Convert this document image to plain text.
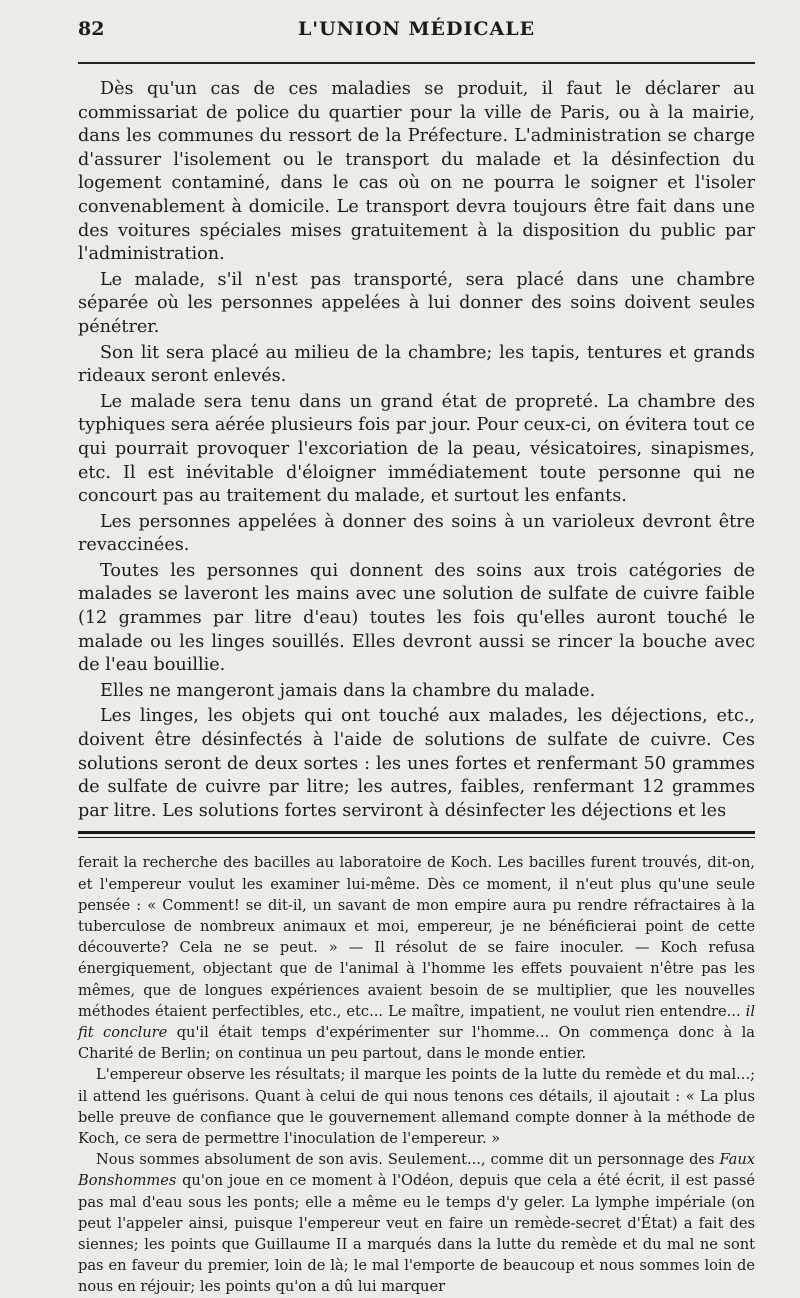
82	L'UNION MÉDICALE

Dès qu'un cas de ces maladies se produit, il faut le déclarer au commissariat de police du quartier pour la ville de Paris, ou à la mairie, dans les communes du ressort de la Préfecture. L'administration se charge d'assurer l'isolement ou le transport du malade et la désinfection du logement contaminé, dans le cas où on ne pourra le soigner et l'isoler convenablement à domicile. Le transport devra toujours être fait dans une des voitures spéciales mises gratuitement à la disposition du public par l'administration.

Le malade, s'il n'est pas transporté, sera placé dans une chambre séparée où les personnes appelées à lui donner des soins doivent seules pénétrer.

Son lit sera placé au milieu de la chambre; les tapis, tentures et grands rideaux seront enlevés.

Le malade sera tenu dans un grand état de propreté. La chambre des typhiques sera aérée plusieurs fois par jour. Pour ceux-ci, on évitera tout ce qui pourrait provoquer l'excoriation de la peau, vésicatoires, sinapismes, etc. Il est inévitable d'éloigner immédiatement toute personne qui ne concourt pas au traitement du malade, et surtout les enfants.

Les personnes appelées à donner des soins à un varioleux devront être revaccinées.

Toutes les personnes qui donnent des soins aux trois catégories de malades se laveront les mains avec une solution de sulfate de cuivre faible (12 grammes par litre d'eau) toutes les fois qu'elles auront touché le malade ou les linges souillés. Elles devront aussi se rincer la bouche avec de l'eau bouillie.

Elles ne mangeront jamais dans la chambre du malade.

Les linges, les objets qui ont touché aux malades, les déjections, etc., doivent être désinfectés à l'aide de solutions de sulfate de cuivre. Ces solutions seront de deux sortes : les unes fortes et renfermant 50 grammes de sulfate de cuivre par litre; les autres, faibles, renfermant 12 grammes par litre. Les solutions fortes serviront à désinfecter les déjections et les

ferait la recherche des bacilles au laboratoire de Koch. Les bacilles furent trouvés, dit-on, et l'empereur voulut les examiner lui-même. Dès ce moment, il n'eut plus qu'une seule pensée : « Comment! se dit-il, un savant de mon empire aura pu rendre réfractaires à la tuberculose de nombreux animaux et moi, empereur, je ne bénéficierai point de cette découverte? Cela ne se peut. » — Il résolut de se faire inoculer. — Koch refusa énergiquement, objectant que de l'animal à l'homme les effets pouvaient n'être pas les mêmes, que de longues expériences avaient besoin de se multiplier, que les nouvelles méthodes étaient perfectibles, etc., etc... Le maître, impatient, ne voulut rien entendre... il fit conclure qu'il était temps d'expérimenter sur l'homme... On commença donc à la Charité de Berlin; on continua un peu partout, dans le monde entier.

L'empereur observe les résultats; il marque les points de la lutte du remède et du mal...; il attend les guérisons. Quant à celui de qui nous tenons ces détails, il ajoutait : « La plus belle preuve de confiance que le gouvernement allemand compte donner à la méthode de Koch, ce sera de permettre l'inoculation de l'empereur. »

Nous sommes absolument de son avis. Seulement..., comme dit un personnage des Faux Bonshommes qu'on joue en ce moment à l'Odéon, depuis que cela a été écrit, il est passé pas mal d'eau sous les ponts; elle a même eu le temps d'y geler. La lymphe impériale (on peut l'appeler ainsi, puisque l'empereur veut en faire un remède-secret d'État) a fait des siennes; les points que Guillaume II a marqués dans la lutte du remède et du mal ne sont pas en faveur du premier, loin de là; le mal l'emporte de beaucoup et nous sommes loin de nous en réjouir; les points qu'on a dû lui marquer
